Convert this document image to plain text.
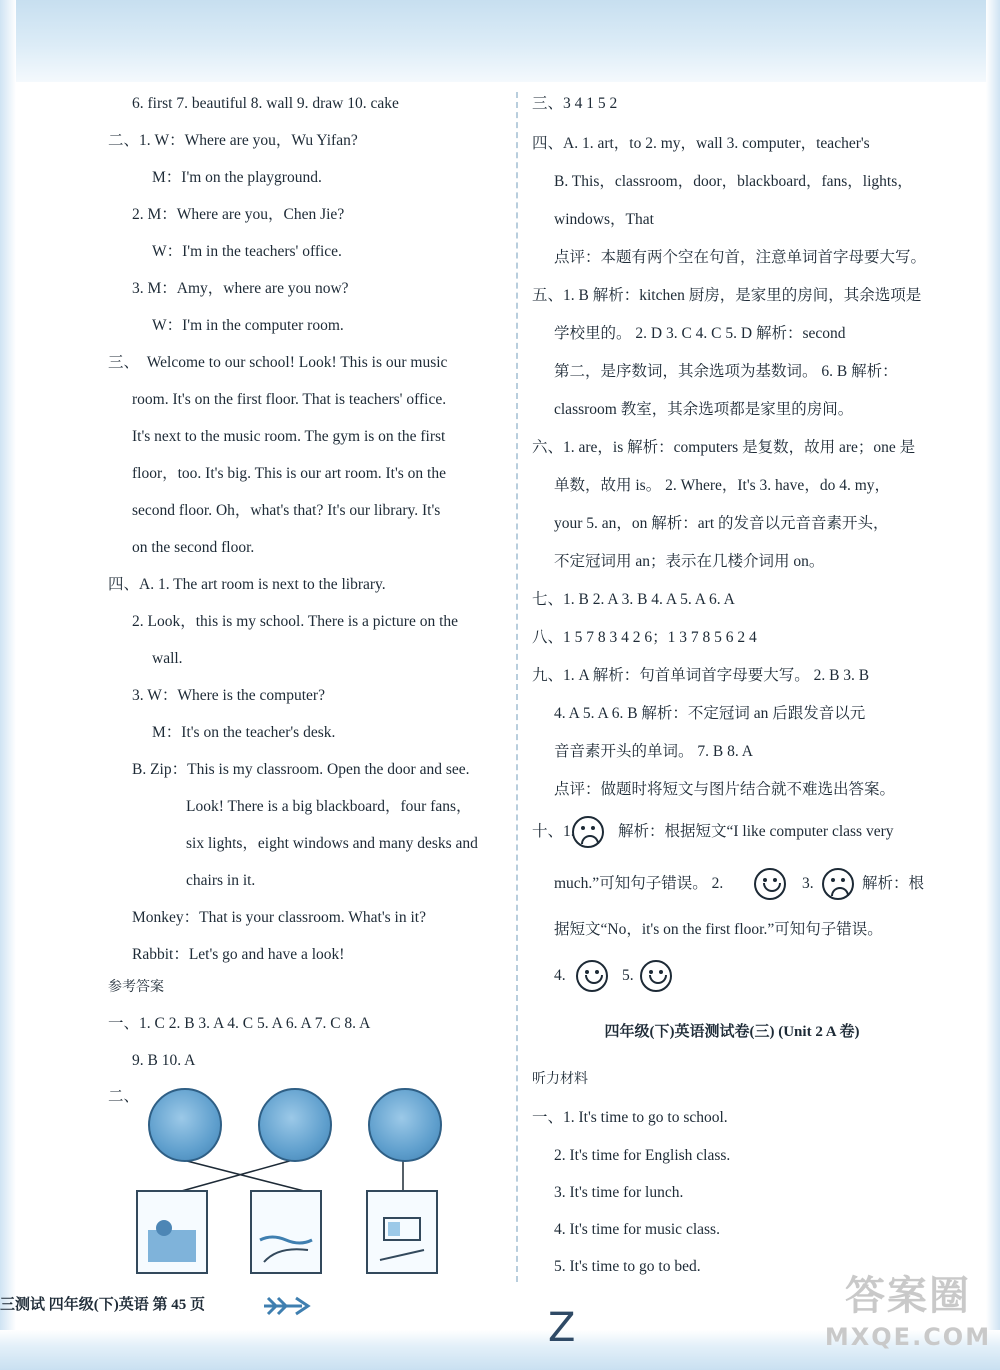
6. first 7. beautiful 8. wall 9. draw 10. cake
二、1. W：Where are you，Wu Yifan?
M：I'm on the playground.
2. M：Where are you，Chen Jie?
W：I'm in the teachers' office.
3. M：Amy，where are you now?
W：I'm in the computer room.
三、　Welcome to our school! Look! This is our music
room. It's on the first floor. That is teachers' office.
It's next to the music room. The gym is on the first
floor，too. It's big. This is our art room. It's on the
second floor. Oh，what's that? It's our library. It's
on the second floor.
四、A. 1. The art room is next to the library.
2. Look，this is my school. There is a picture on the
wall.
3. W：Where is the computer?
M：It's on the teacher's desk.
B. Zip：This is my classroom. Open the door and see.
Look! There is a big blackboard，four fans，
six lights，eight windows and many desks and
chairs in it.
Monkey：That is your classroom. What's in it?
Rabbit：Let's go and have a look!
参考答案
一、1. C 2. B 3. A 4. C 5. A 6. A 7. C 8. A
9. B 10. A
二、
三、3 4 1 5 2
四、A. 1. art，to 2. my，wall 3. computer，teacher's
B. This，classroom，door，blackboard，fans，lights，
windows，That
点评：本题有两个空在句首，注意单词首字母要大写。
五、1. B 解析：kitchen 厨房，是家里的房间，其余选项是
学校里的。 2. D 3. C 4. C 5. D 解析：second
第二，是序数词，其余选项为基数词。 6. B 解析：
classroom 教室，其余选项都是家里的房间。
六、1. are，is 解析：computers 是复数，故用 are；one 是
单数，故用 is。 2. Where，It's 3. have，do 4. my，
your 5. an，on 解析：art 的发音以元音音素开头，
不定冠词用 an；表示在几楼介词用 on。
七、1. B 2. A 3. B 4. A 5. A 6. A
八、1 5 7 8 3 4 2 6；1 3 7 8 5 6 2 4
九、1. A 解析：句首单词首字母要大写。 2. B 3. B
4. A 5. A 6. B 解析：不定冠词 an 后跟发音以元
音音素开头的单词。 7. B 8. A
点评：做题时将短文与图片结合就不难选出答案。
十、1.	解析：根据短文“I like computer class very
much.”可知句子错误。 2.	3.	解析：根
据短文“No，it's on the first floor.”可知句子错误。
4.	5.
四年级(下)英语测试卷(三) (Unit 2 A 卷)
听力材料
一、1. It's time to go to school.
2. It's time for English class.
3. It's time for lunch.
4. It's time for music class.
5. It's time to go to bed.
三测试 四年级(下)英语 第 45 页	Z
答案圈
MXQE.COM
